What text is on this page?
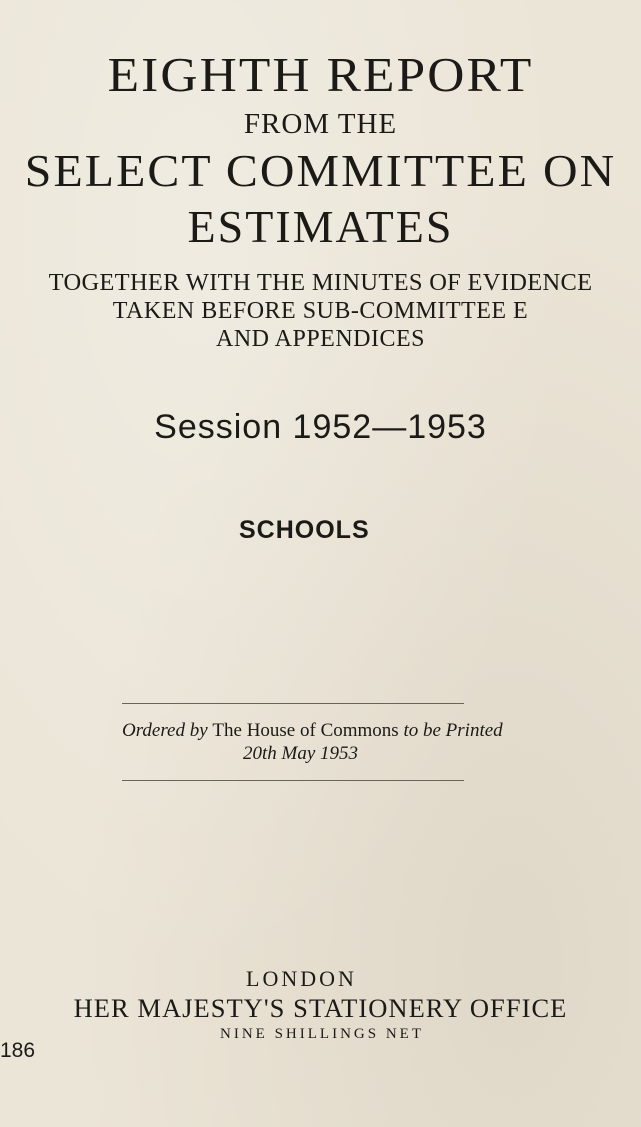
EIGHTH REPORT
FROM THE
SELECT COMMITTEE ON
ESTIMATES
TOGETHER WITH THE MINUTES OF EVIDENCE
TAKEN BEFORE SUB-COMMITTEE E
AND APPENDICES
Session 1952—1953
SCHOOLS
Ordered by The House of Commons to be Printed
20th May 1953
LONDON
HER MAJESTY'S STATIONERY OFFICE
NINE SHILLINGS NET
186
